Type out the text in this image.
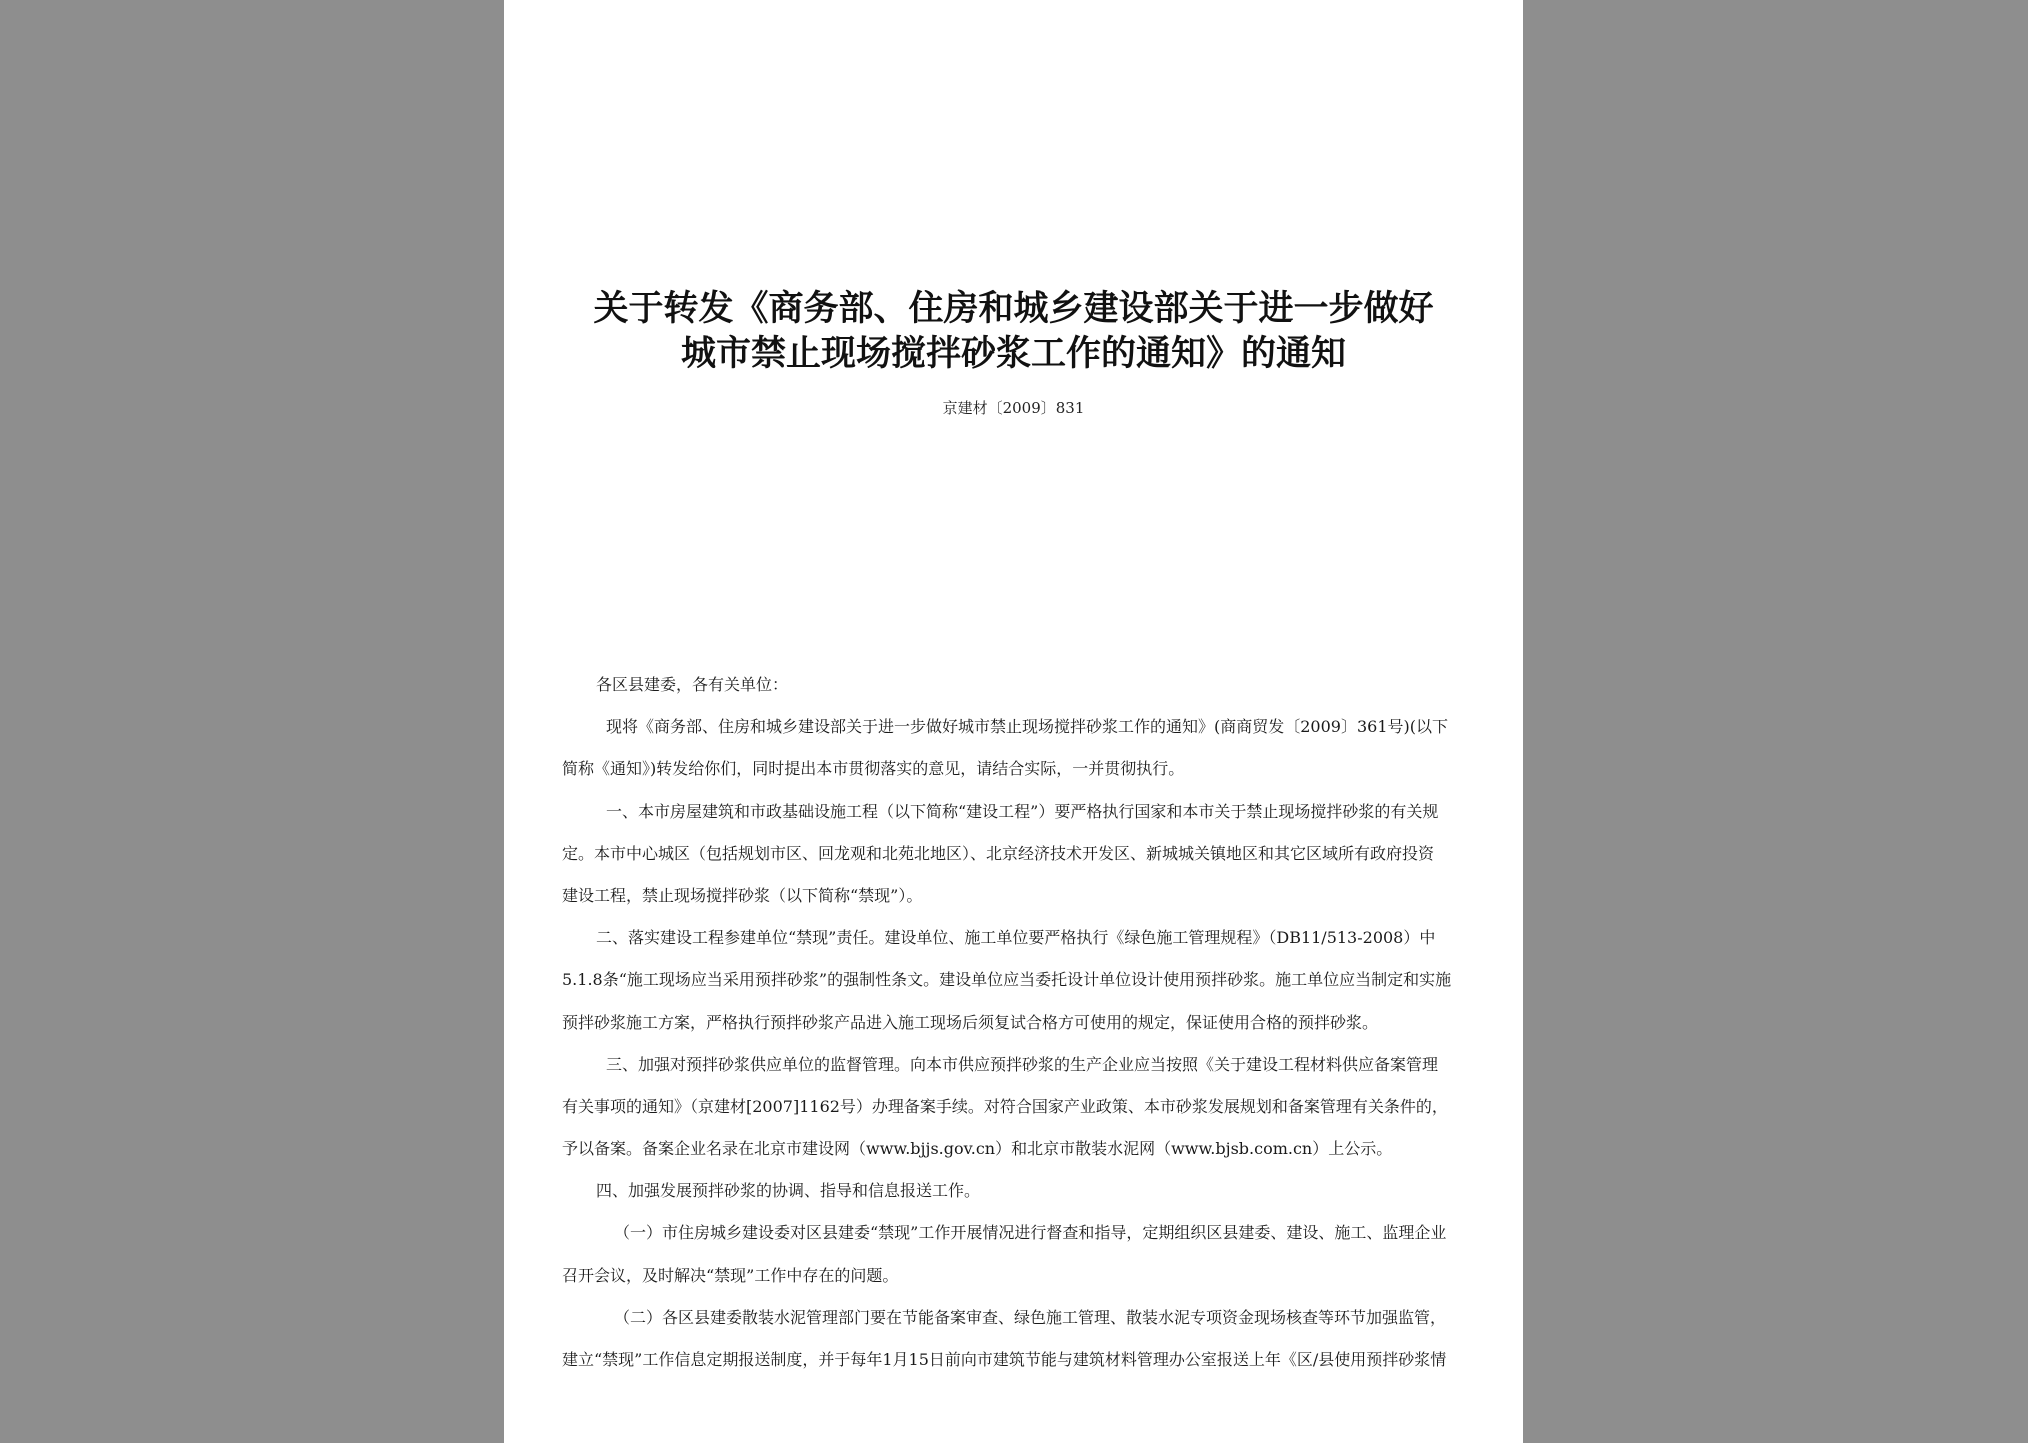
关于转发《商务部、住房和城乡建设部关于进一步做好
城市禁止现场搅拌砂浆工作的通知》的通知
京建材〔2009〕831
各区县建委，各有关单位：
现将《商务部、住房和城乡建设部关于进一步做好城市禁止现场搅拌砂浆工作的通知》(商商贸发〔2009〕361号)(以下
简称《通知》)转发给你们，同时提出本市贯彻落实的意见，请结合实际，一并贯彻执行。
一、本市房屋建筑和市政基础设施工程（以下简称“建设工程”）要严格执行国家和本市关于禁止现场搅拌砂浆的有关规
定。本市中心城区（包括规划市区、回龙观和北苑北地区）、北京经济技术开发区、新城城关镇地区和其它区域所有政府投资
建设工程，禁止现场搅拌砂浆（以下简称“禁现”）。
二、落实建设工程参建单位“禁现”责任。建设单位、施工单位要严格执行《绿色施工管理规程》（DB11/513-2008）中
5.1.8条“施工现场应当采用预拌砂浆”的强制性条文。建设单位应当委托设计单位设计使用预拌砂浆。施工单位应当制定和实施
预拌砂浆施工方案，严格执行预拌砂浆产品进入施工现场后须复试合格方可使用的规定，保证使用合格的预拌砂浆。
三、加强对预拌砂浆供应单位的监督管理。向本市供应预拌砂浆的生产企业应当按照《关于建设工程材料供应备案管理
有关事项的通知》（京建材[2007]1162号）办理备案手续。对符合国家产业政策、本市砂浆发展规划和备案管理有关条件的，
予以备案。备案企业名录在北京市建设网（www.bjjs.gov.cn）和北京市散装水泥网（www.bjsb.com.cn）上公示。
四、加强发展预拌砂浆的协调、指导和信息报送工作。
（一）市住房城乡建设委对区县建委“禁现”工作开展情况进行督查和指导，定期组织区县建委、建设、施工、监理企业
召开会议，及时解决“禁现”工作中存在的问题。
（二）各区县建委散装水泥管理部门要在节能备案审查、绿色施工管理、散装水泥专项资金现场核查等环节加强监管，
建立“禁现”工作信息定期报送制度，并于每年1月15日前向市建筑节能与建筑材料管理办公室报送上年《区/县使用预拌砂浆情
